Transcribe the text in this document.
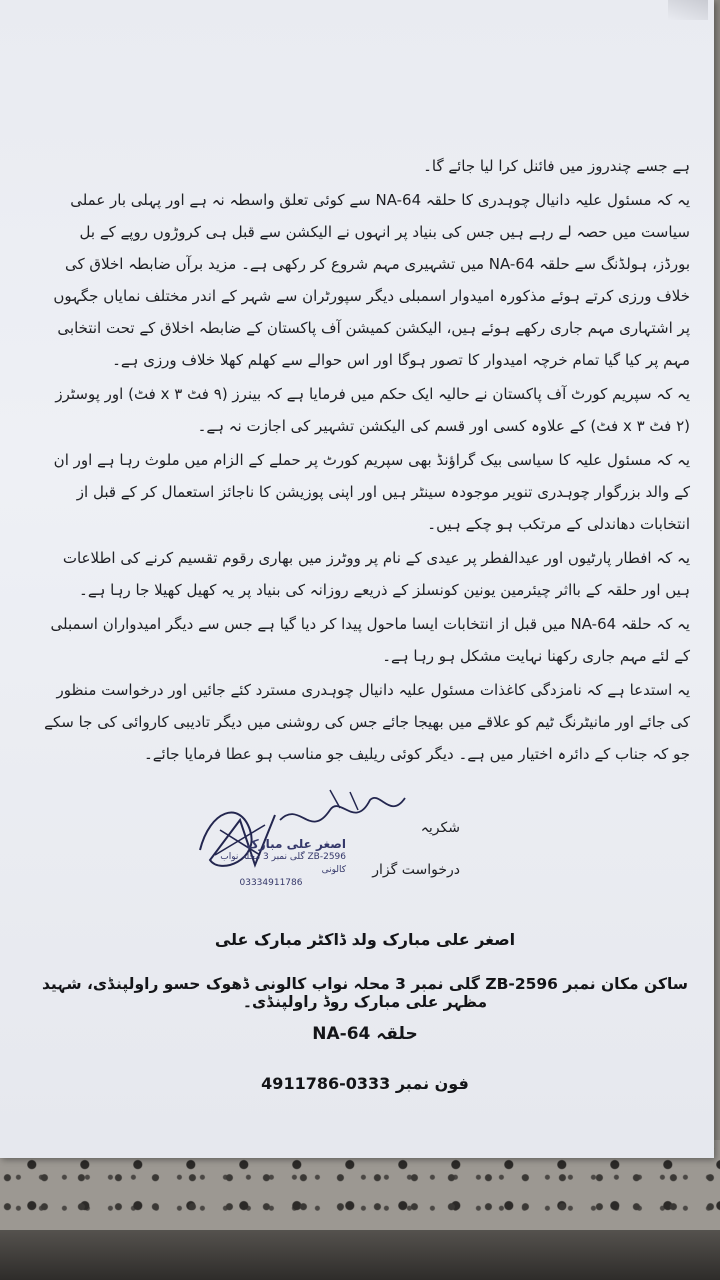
ہے جسے چندروز میں فائنل کرا لیا جائے گا۔

یہ کہ مسئول علیہ دانیال چوہدری کا حلقہ NA-64 سے کوئی تعلق واسطہ نہ ہے اور پہلی بار عملی سیاست میں حصہ لے رہے ہیں جس کی بنیاد پر انہوں نے الیکشن سے قبل ہی کروڑوں روپے کے بل بورڈز، ہولڈنگ سے حلقہ NA-64 میں تشہیری مہم شروع کر رکھی ہے۔ مزید برآں ضابطہ اخلاق کی خلاف ورزی کرتے ہوئے مذکورہ امیدوار اسمبلی دیگر سپورٹران سے شہر کے اندر مختلف نمایاں جگہوں پر اشتہاری مہم جاری رکھے ہوئے ہیں، الیکشن کمیشن آف پاکستان کے ضابطہ اخلاق کے تحت انتخابی مہم پر کیا گیا تمام خرچہ امیدوار کا تصور ہوگا اور اس حوالے سے کھلم کھلا خلاف ورزی ہے۔

یہ کہ سپریم کورٹ آف پاکستان نے حالیہ ایک حکم میں فرمایا ہے کہ بینرز (۹ فٹ x ۳ فٹ) اور پوسٹرز (۲ فٹ x ۳ فٹ) کے علاوہ کسی اور قسم کی الیکشن تشہیر کی اجازت نہ ہے۔

یہ کہ مسئول علیہ کا سیاسی بیک گراؤنڈ بھی سپریم کورٹ پر حملے کے الزام میں ملوث رہا ہے اور ان کے والد بزرگوار چوہدری تنویر موجودہ سینٹر ہیں اور اپنی پوزیشن کا ناجائز استعمال کر کے قبل از انتخابات دھاندلی کے مرتکب ہو چکے ہیں۔

یہ کہ افطار پارٹیوں اور عیدالفطر پر عیدی کے نام پر ووٹرز میں بھاری رقوم تقسیم کرنے کی اطلاعات ہیں اور حلقہ کے بااثر چیئرمین یونین کونسلز کے ذریعے روزانہ کی بنیاد پر یہ کھیل کھیلا جا رہا ہے۔

یہ کہ حلقہ NA-64 میں قبل از انتخابات ایسا ماحول پیدا کر دیا گیا ہے جس سے دیگر امیدواران اسمبلی کے لئے مہم جاری رکھنا نہایت مشکل ہو رہا ہے۔

یہ استدعا ہے کہ نامزدگی کاغذات مسئول علیہ دانیال چوہدری مسترد کئے جائیں اور درخواست منظور کی جائے اور مانیٹرنگ ٹیم کو علاقے میں بھیجا جائے جس کی روشنی میں دیگر تادیبی کاروائی کی جا سکے جو کہ جناب کے دائرہ اختیار میں ہے۔ دیگر کوئی ریلیف جو مناسب ہو عطا فرمایا جائے۔

اصغر علی مبارک
ZB-2596 گلی نمبر 3 محلہ نواب کالونی
03334911786
شکریہ
درخواست گزار
اصغر علی مبارک ولد ڈاکٹر مبارک علی
ساکن مکان نمبر ZB-2596 گلی نمبر 3 محلہ نواب کالونی ڈھوک حسو راولپنڈی، شہید مظہر علی مبارک روڈ راولپنڈی۔
حلقہ NA-64
فون نمبر 0333-4911786
